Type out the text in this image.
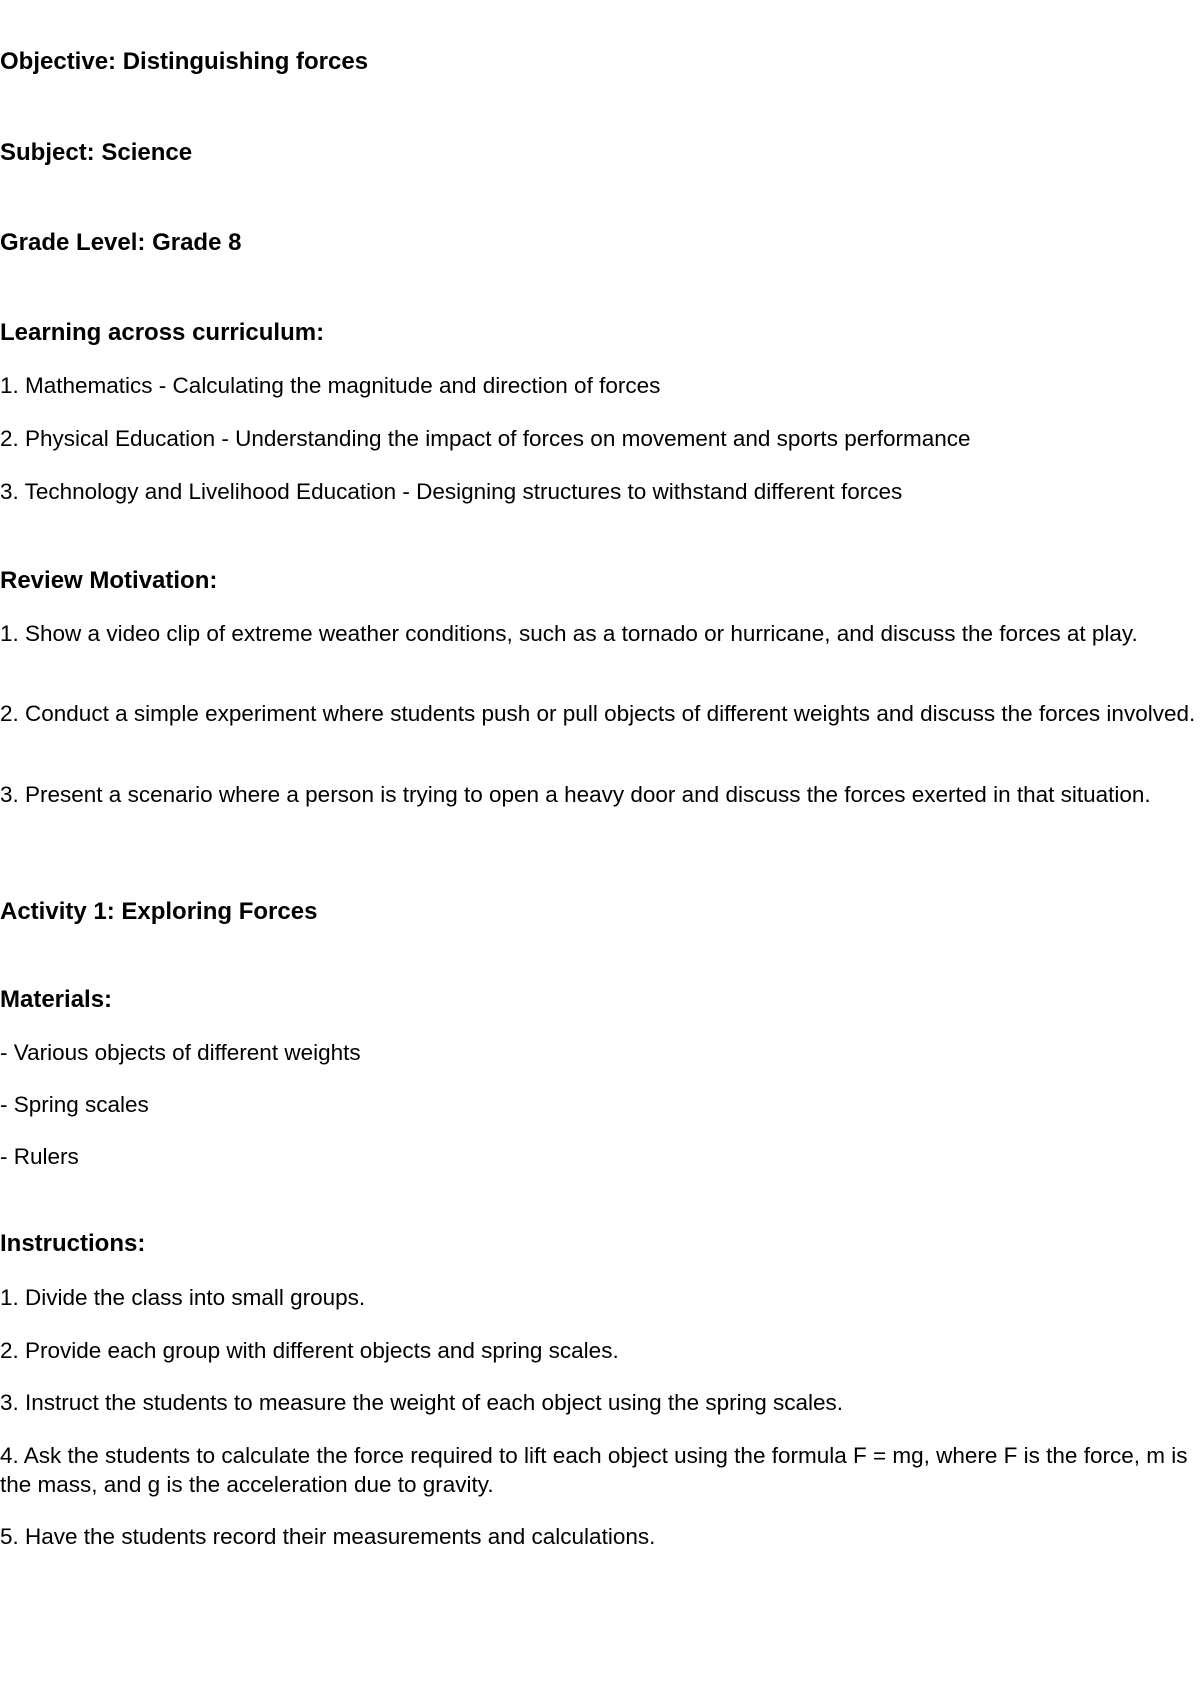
Objective: Distinguishing forces

Subject: Science

Grade Level: Grade 8

Learning across curriculum:

1. Mathematics - Calculating the magnitude and direction of forces

2. Physical Education - Understanding the impact of forces on movement and sports performance

3. Technology and Livelihood Education - Designing structures to withstand different forces

Review Motivation:

1. Show a video clip of extreme weather conditions, such as a tornado or hurricane, and discuss the forces at play.

2. Conduct a simple experiment where students push or pull objects of different weights and discuss the forces involved.

3. Present a scenario where a person is trying to open a heavy door and discuss the forces exerted in that situation.

Activity 1: Exploring Forces

Materials:

- Various objects of different weights

- Spring scales

- Rulers

Instructions:

1. Divide the class into small groups.

2. Provide each group with different objects and spring scales.

3. Instruct the students to measure the weight of each object using the spring scales.

4. Ask the students to calculate the force required to lift each object using the formula F = mg, where F is the force, m is the mass, and g is the acceleration due to gravity.

5. Have the students record their measurements and calculations.
